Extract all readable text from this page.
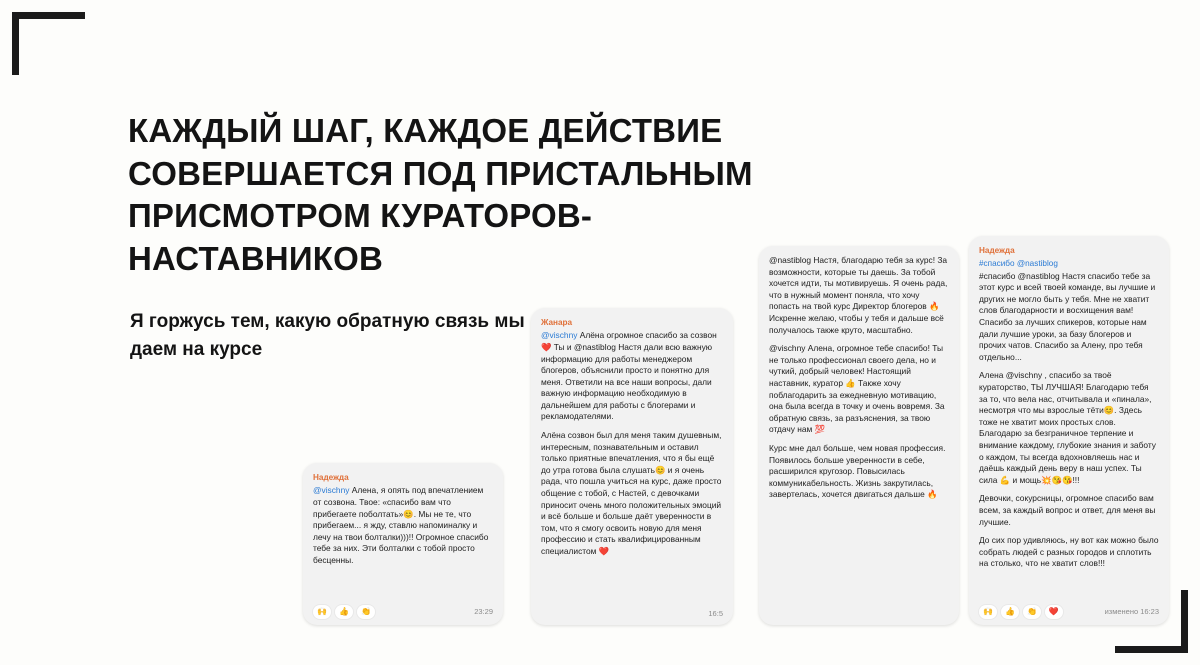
КАЖДЫЙ ШАГ, КАЖДОЕ ДЕЙСТВИЕ СОВЕРШАЕТСЯ ПОД ПРИСТАЛЬНЫМ ПРИСМОТРОМ КУРАТОРОВ-НАСТАВНИКОВ
Я горжусь тем, какую обратную связь мы даем на курсе
Надежда
@vischny Алена, я опять под впечатлением от созвона. Твое: «спасибо вам что прибегаете поболтать»😊. Мы не те, что прибегаем... я жду, ставлю напоминалку и лечу на твои болталки)))!! Огромное спасибо тебе за них. Эти болталки с тобой просто бесценны.
🙌	👍	👏	23:29
Жанара
@vischny Алёна огромное спасибо за созвон❤️ Ты и @nastiblog Настя дали всю важную информацию для работы менеджером блогеров, объяснили просто и понятно для меня. Ответили на все наши вопросы, дали важную информацию необходимую в дальнейшем для работы с блогерами и рекламодателями.
Алёна созвон был для меня таким душевным, интересным, познавательным и оставил только приятные впечатления, что я бы ещё до утра готова была слушать😊 и я очень рада, что пошла учиться на курс, даже просто общение с тобой, с Настей, с девочками приносит очень много положительных эмоций и всё больше и больше даёт уверенности в том, что я смогу освоить новую для меня профессию и стать квалифицированным специалистом ❤️
16:5
@nastiblog Настя, благодарю тебя за курс! За возможности, которые ты даешь. За тобой хочется идти, ты мотивируешь. Я очень рада, что в нужный момент поняла, что хочу попасть на твой курс Директор блогеров 🔥 Искренне желаю, чтобы у тебя и дальше всё получалось также круто, масштабно.
@vischny Алена, огромное тебе спасибо! Ты не только профессионал своего дела, но и чуткий, добрый человек! Настоящий наставник, куратор 👍 Также хочу поблагодарить за ежедневную мотивацию, она была всегда в точку и очень вовремя. За обратную связь, за разъяснения, за твою отдачу нам 💯
Курс мне дал больше, чем новая профессия. Появилось больше уверенности в себе, расширился кругозор. Повысилась коммуникабельность. Жизнь закрутилась, завертелась, хочется двигаться дальше 🔥
Надежда
#спасибо @nastiblog
#спасибо @nastiblog Настя спасибо тебе за этот курс и всей твоей команде, вы лучшие и других не могло быть у тебя. Мне не хватит слов благодарности и восхищения вам! Спасибо за лучших спикеров, которые нам дали лучшие уроки, за базу блогеров и прочих чатов. Спасибо за Алену, про тебя отдельно...
Алена @vischny , спасибо за твоё кураторство, ТЫ ЛУЧШАЯ! Благодарю тебя за то, что вела нас, отчитывала и «пинала», несмотря что мы взрослые тёти😊. Здесь тоже не хватит моих простых слов. Благодарю за безграничное терпение и внимание каждому, глубокие знания и заботу о каждом, ты всегда вдохновляешь нас и даёшь каждый день веру в наш успех. Ты сила 💪 и мощь💥😘😘!!!
Девочки, сокурсницы, огромное спасибо вам всем, за каждый вопрос и ответ, для меня вы лучшие.
До сих пор удивляюсь, ну вот как можно было собрать людей с разных городов и сплотить на столько, что не хватит слов!!!
🙌	👍	👏	❤️	изменено 16:23
